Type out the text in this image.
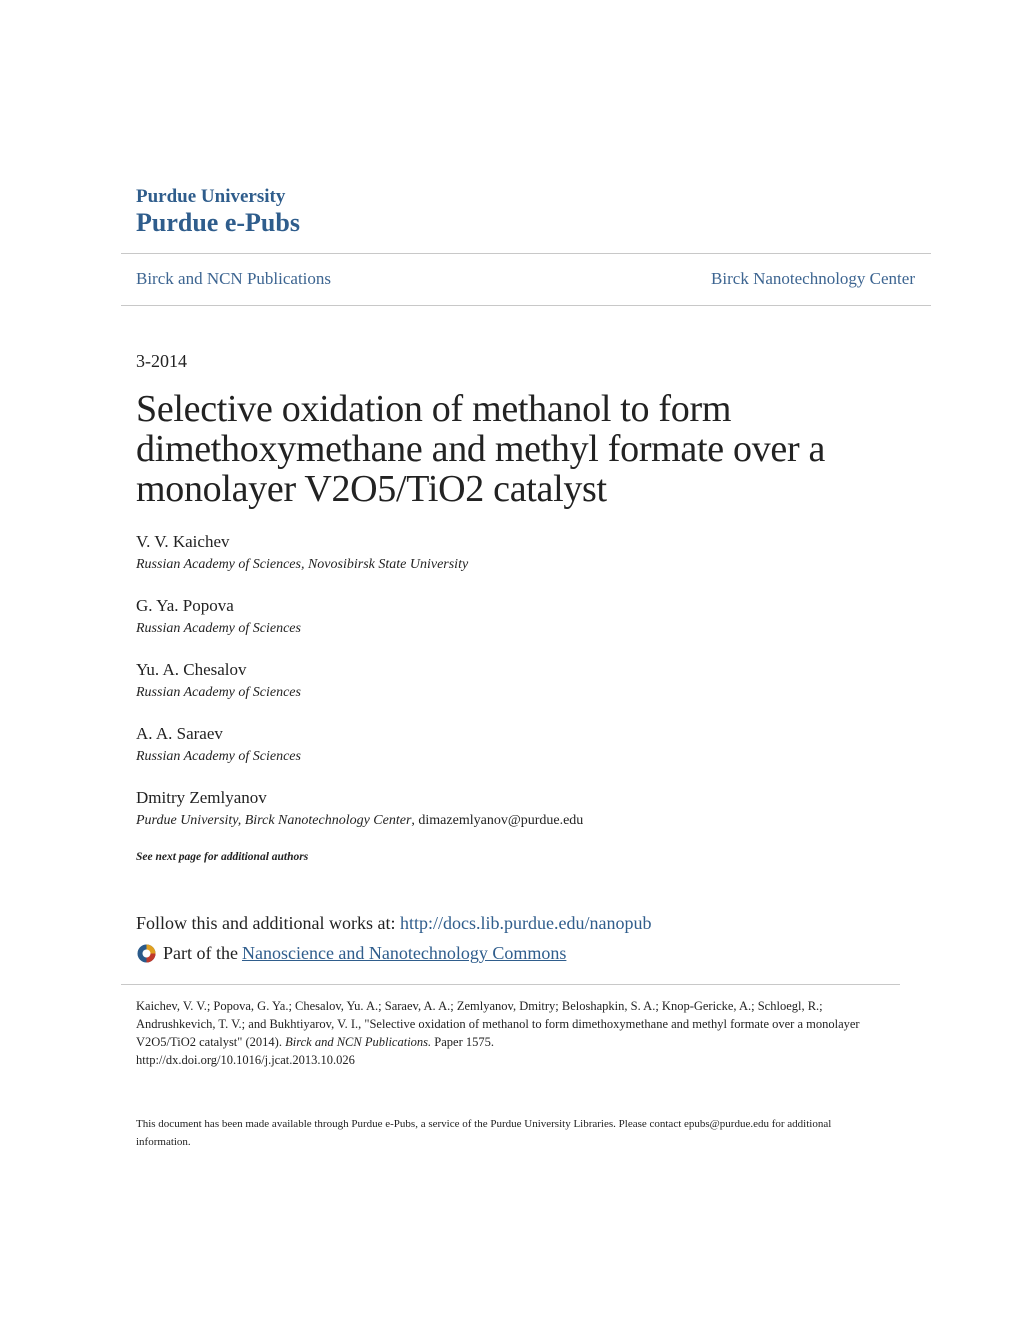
Purdue University
Purdue e-Pubs
Birck and NCN Publications	Birck Nanotechnology Center
3-2014
Selective oxidation of methanol to form
dimethoxymethane and methyl formate over a
monolayer V2O5/TiO2 catalyst
V. V. Kaichev
Russian Academy of Sciences, Novosibirsk State University
G. Ya. Popova
Russian Academy of Sciences
Yu. A. Chesalov
Russian Academy of Sciences
A. A. Saraev
Russian Academy of Sciences
Dmitry Zemlyanov
Purdue University, Birck Nanotechnology Center, dimazemlyanov@purdue.edu
See next page for additional authors
Follow this and additional works at: http://docs.lib.purdue.edu/nanopub
Part of the Nanoscience and Nanotechnology Commons
Kaichev, V. V.; Popova, G. Ya.; Chesalov, Yu. A.; Saraev, A. A.; Zemlyanov, Dmitry; Beloshapkin, S. A.; Knop-Gericke, A.; Schloegl, R.; Andrushkevich, T. V.; and Bukhtiyarov, V. I., "Selective oxidation of methanol to form dimethoxymethane and methyl formate over a monolayer V2O5/TiO2 catalyst" (2014). Birck and NCN Publications. Paper 1575.
http://dx.doi.org/10.1016/j.jcat.2013.10.026
This document has been made available through Purdue e-Pubs, a service of the Purdue University Libraries. Please contact epubs@purdue.edu for additional information.
